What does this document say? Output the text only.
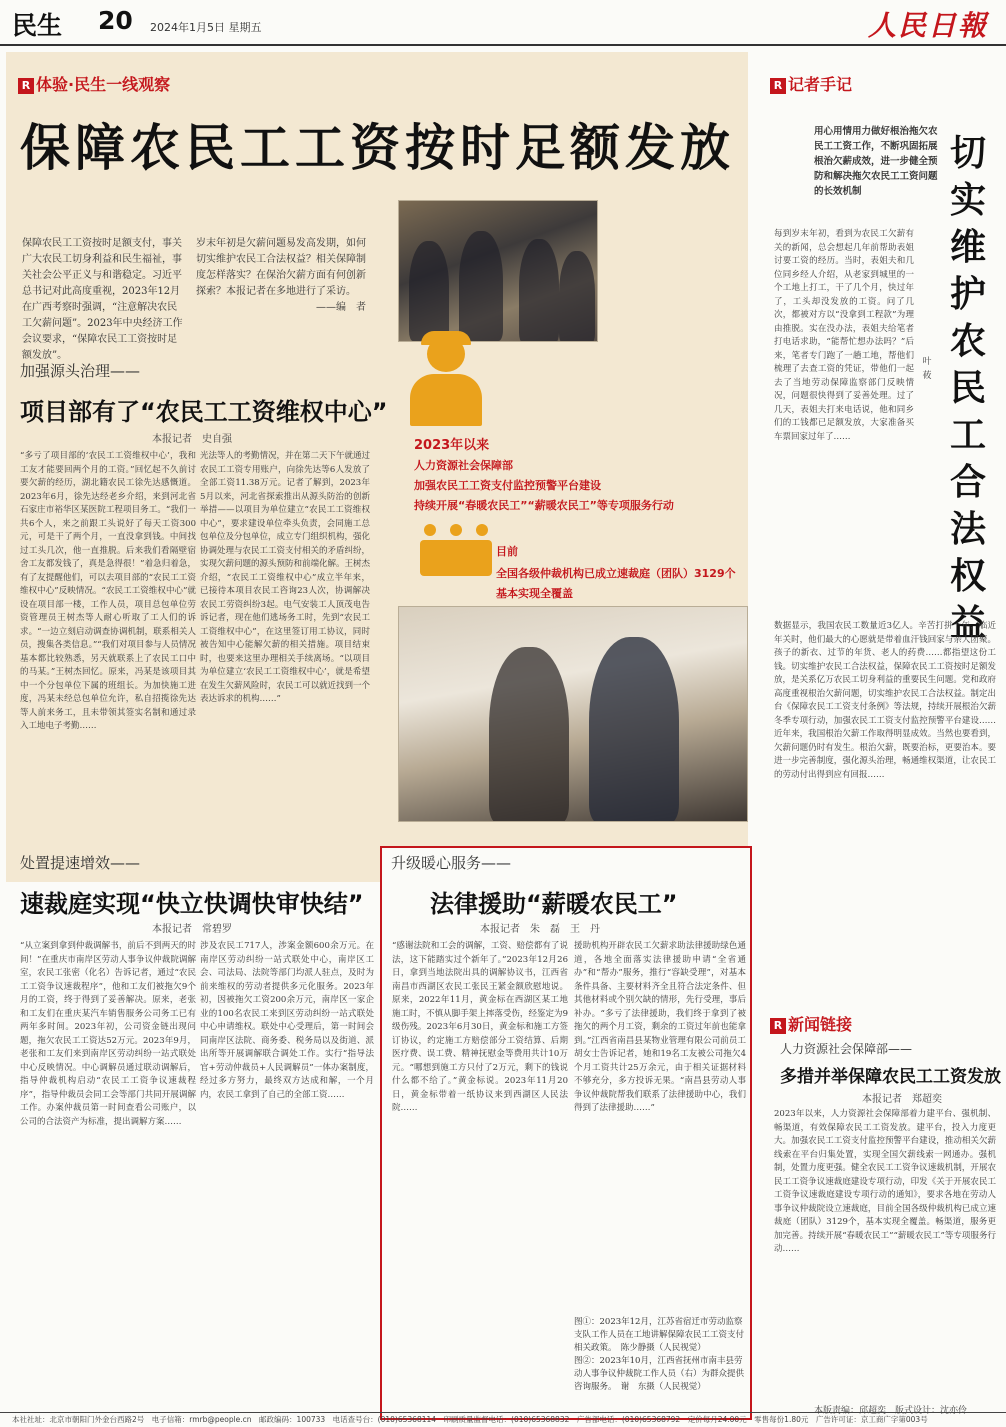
民生 20 2024年1月5日 星期五	人民日報
R 体验·民生一线观察
保障农民工工资按时足额发放
保障农民工工资按时足额支付，事关广大农民工切身利益和民生福祉，事关社会公平正义与和谐稳定。习近平总书记对此高度重视，2023年12月在广西考察时强调，“注意解决农民工欠薪问题”。2023年中央经济工作会议要求，“保障农民工工资按时足额发放”。
岁末年初是欠薪问题易发高发期，如何切实维护农民工合法权益？相关保障制度怎样落实？在保治欠薪方面有何创新探索？本报记者在多地进行了采访。
——编　者
2023年以来
人力资源社会保障部
加强农民工工资支付监控预警平台建设
持续开展“春暖农民工”“薪暖农民工”等专项服务行动
目前
全国各级仲裁机构已成立速裁庭（团队）3129个
基本实现全覆盖
加强源头治理——
项目部有了“农民工工资维权中心”
本报记者　史自强
“多亏了项目部的‘农民工工资维权中心’，我和工友才能要回两个月的工资。”回忆起不久前讨要欠薪的经历，湖北籍农民工徐先达感慨道。2023年6月，徐先达经老乡介绍，来到河北省石家庄市裕华区某医院工程项目务工。“我们一共6个人，来之前跟工头说好了每天工资300元，可是干了两个月，一直没拿到钱。中间找过工头几次，他一直推脱。后来我们看隔壁宿舍工友都发钱了，真是急得很！”着急归着急，有了友提醒他们，可以去项目部的“农民工工资维权中心”反映情况。“农民工工资维权中心”就设在项目部一楼，工作人员，项目总包单位劳资管理员王树杰等人耐心听取了工人们的诉求。“一边立刻启动调查协调机制，联系相关人员，搜集各类信息。”“我们对项目参与人员情况基本都比较熟悉，另天就联系上了农民工口中的马某。”王树杰回忆。原来，冯某是该项目其中一个分包单位下属的班组长。为加快施工进度，冯某未经总包单位允许，私自招揽徐先达等人前来务工，且未带领其签实名制和通过录入工地电子考勤……
光法等人的考勤情况，并在第二天下午就通过农民工工资专用账户，向徐先达等6人发放了全部工资11.38万元。记者了解到，2023年5月以来，河北省探索推出从源头防治的创新举措——以项目为单位建立“农民工工资维权中心”，要求建设单位牵头负责，会同施工总包单位及分包单位，成立专门组织机构，强化协调处理与农民工工资支付相关的矛盾纠纷，实现欠薪问题的源头预防和前端化解。王树杰介绍，“农民工工资维权中心”成立半年来，已接待本项目农民工咨询23人次，协调解决农民工劳资纠纷3起。电气安装工人顶茂电告诉记者，现在他们逃场务工时，先到“农民工工资维权中心”，在这里签订用工协议，同时被告知中心能解欠薪的相关措施。项目结束时，也要来这里办理相关手续离场。“以项目为单位建立‘农民工工资维权中心’，就是希望在发生欠薪风险时，农民工可以就近找到一个表达诉求的机构……”
处置提速增效——
速裁庭实现“快立快调快审快结”
本报记者　常碧罗
“从立案到拿到仲裁调解书，前后不到两天的时间！”在重庆市南岸区劳动人事争议仲裁院调解室，农民工张密（化名）告诉记者，通过“农民工工资争议速裁程序”，他和工友们被拖欠9个月的工资，终于得到了妥善解决。原来，老张和工友们在重庆某汽车销售服务公司务工已有两年多时间。2023年初，公司资金链出现问题，拖欠农民工工资达52万元。2023年9月，老张和工友们来到南岸区劳动纠纷一站式联处中心反映情况。中心调解员通过联动调解后，指导仲裁机构启动“农民工工资争议速裁程序”，指导仲裁员会同工会等部门共同开展调解工作。办案仲裁员第一时间查看公司账户，以公司的合法资产为标准，提出调解方案……
涉及农民工717人，涉案金额600余万元。在南岸区劳动纠纷一站式联处中心，南岸区工会、司法局、法院等部门均派人驻点，及时为前来维权的劳动者提供多元化服务。2023年初，因被拖欠工资200余万元，南岸区一家企业的100名农民工来到区劳动纠纷一站式联处中心申请维权。联处中心受理后，第一时间会同南岸区法院、商务委、税务局以及街道、派出所等开展调解联合调处工作。实行“指导法官+劳动仲裁员+人民调解员”一体办案制度，经过多方努力，最终双方达成和解，一个月内，农民工拿到了自己的全部工资……
升级暖心服务——
法律援助“薪暖农民工”
本报记者　朱　磊　王　丹
“感谢法院和工会的调解，工资、赔偿都有了说法，这下能踏实过个新年了。”2023年12月26日，拿到当地法院出具的调解协议书，江西省南昌市西湖区农民工张民王紧金额欣慰地说。原来，2022年11月，黄金标在西湖区某工地施工时，不慎从脚手架上摔落受伤，经鉴定为9级伤残。2023年6月30日，黄金标和施工方签订协议，约定施工方赔偿部分工资结算、后期医疗费、误工费、精神抚慰金等费用共计10万元。“哪想到施工方只付了2万元，剩下的钱说什么都不给了。”黄金标说。2023年11月20日，黄金标带着一纸协议来到西湖区人民法院……
援助机构开辟农民工欠薪求助法律援助绿色通道，各地全面落实法律援助申请“全省通办”和“帮办”服务，推行“容缺受理”，对基本条件具备、主要材料齐全且符合法定条件、但其他材料或个别欠缺的情形，先行受理，事后补办。“多亏了法律援助，我们终于拿到了被拖欠的两个月工资，剩余的工资过年前也能拿到。”江西省南昌县某物业管理有限公司前员工胡女士告诉记者，她和19名工友被公司拖欠4个月工资共计25万余元，由于相关证据材料不够充分，多方投诉无果。“南昌县劳动人事争议仲裁院帮我们联系了法律援助中心，我们得到了法律援助……”
图①：2023年12月，江苏省宿迁市劳动监察支队工作人员在工地讲解保障农民工工资支付相关政策。　陈少静摄（人民视觉）
图②：2023年10月，江西省抚州市南丰县劳动人事争议仲裁院工作人员（右）为群众提供咨询服务。　谢　东摄（人民视觉）
R 记者手记
用心用情用力做好根治拖欠农民工工资工作，不断巩固拓展根治欠薪成效，进一步健全预防和解决拖欠农民工工资问题的长效机制
切实维护农民工合法权益
叶　莜
每到岁末年初，看到为农民工欠薪有关的新闻，总会想起几年前帮助表姐讨要工资的经历。当时，表姐夫和几位同乡经人介绍，从老家到城里的一个工地上打工，干了几个月，快过年了，工头却没发放的工资。问了几次，都被对方以“没拿到工程款”为理由推脱。实在没办法，表姐夫给笔者打电话求助，“能帮忙想办法吗？”后来，笔者专门跑了一趟工地，帮他们梳理了去查工资的凭证，带他们一起去了当地劳动保障监察部门反映情况，问题很快得到了妥善处理。过了几天，表姐夫打来电话说，他和同乡们的工钱都已足额发放，大家准备买车票回家过年了……
数据显示，我国农民工数量近3亿人。辛苦打拼一年，临近年关时，他们最大的心愿就是带着血汗钱回家与亲人团聚。孩子的新衣、过节的年货、老人的药费……都指望这份工钱。切实维护农民工合法权益，保障农民工工资按时足额发放，是关系亿万农民工切身利益的重要民生问题。党和政府高度重视根治欠薪问题，切实维护农民工合法权益。制定出台《保障农民工工资支付条例》等法规，持续开展根治欠薪冬季专项行动，加强农民工工资支付监控预警平台建设……近年来，我国根治欠薪工作取得明显成效。当然也要看到，欠薪问题仍时有发生。根治欠薪，既要治标，更要治本。要进一步完善制度，强化源头治理，畅通维权渠道，让农民工的劳动付出得到应有回报……
R 新闻链接
人力资源社会保障部——
多措并举保障农民工工资发放
本报记者　郑超奕
2023年以来，人力资源社会保障部着力建平台、强机制、畅渠道，有效保障农民工工资发放。建平台，投入力度更大。加强农民工工资支付监控预警平台建设，推动相关欠薪线索在平台归集处置，实现全国欠薪线索一网通办。强机制，处置力度更强。健全农民工工资争议速裁机制，开展农民工工资争议速裁庭建设专项行动，印发《关于开展农民工工资争议速裁庭建设专项行动的通知》，要求各地在劳动人事争议仲裁院设立速裁庭，目前全国各级仲裁机构已成立速裁庭（团队）3129个，基本实现全覆盖。畅渠道，服务更加完善。持续开展“春暖农民工”“薪暖农民工”等专项服务行动……
本版责编：邱超奕　版式设计：沈亦伶
本社社址：北京市朝阳门外金台西路2号　电子信箱：rmrb@people.cn　邮政编码：100733　电话查号台：(010)65368114　印刷质量监督电话：(010)65368832　广告部电话：(010)65368792　定价每月24.00元　零售每份1.80元　广告许可证：京工商广字第003号
